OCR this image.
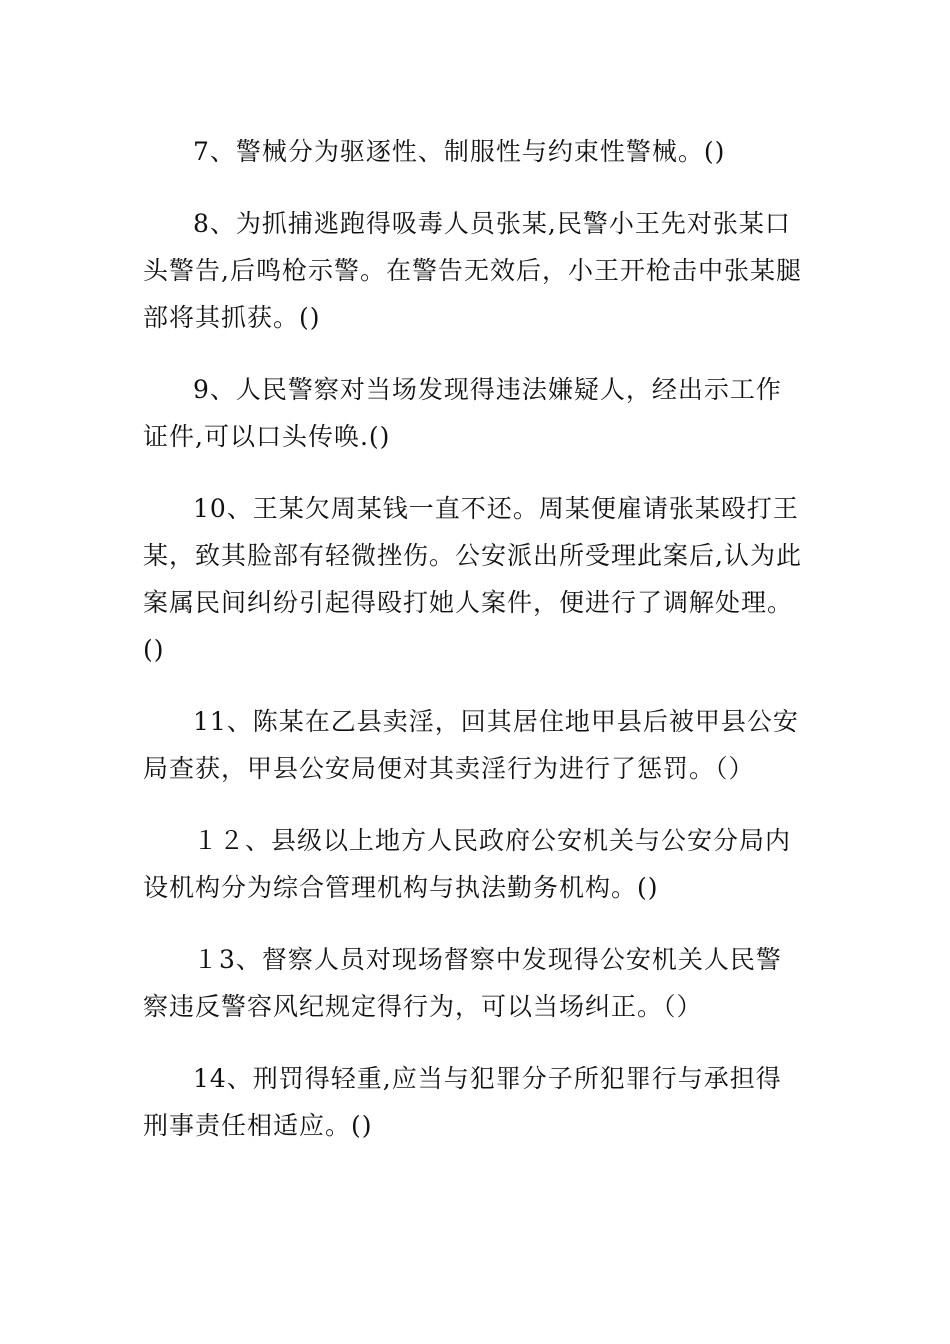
7、警械分为驱逐性、制服性与约束性警械。()

8、为抓捕逃跑得吸毒人员张某,民警小王先对张某口头警告,后鸣枪示警。在警告无效后，小王开枪击中张某腿部将其抓获。()

9、人民警察对当场发现得违法嫌疑人，经出示工作证件,可以口头传唤.()

10、王某欠周某钱一直不还。周某便雇请张某殴打王某，致其脸部有轻微挫伤。公安派出所受理此案后,认为此案属民间纠纷引起得殴打她人案件，便进行了调解处理。()

11、陈某在乙县卖淫，回其居住地甲县后被甲县公安局查获，甲县公安局便对其卖淫行为进行了惩罚。（）

１２、县级以上地方人民政府公安机关与公安分局内设机构分为综合管理机构与执法勤务机构。()

１3、督察人员对现场督察中发现得公安机关人民警察违反警容风纪规定得行为，可以当场纠正。（）

14、刑罚得轻重,应当与犯罪分子所犯罪行与承担得刑事责任相适应。()
